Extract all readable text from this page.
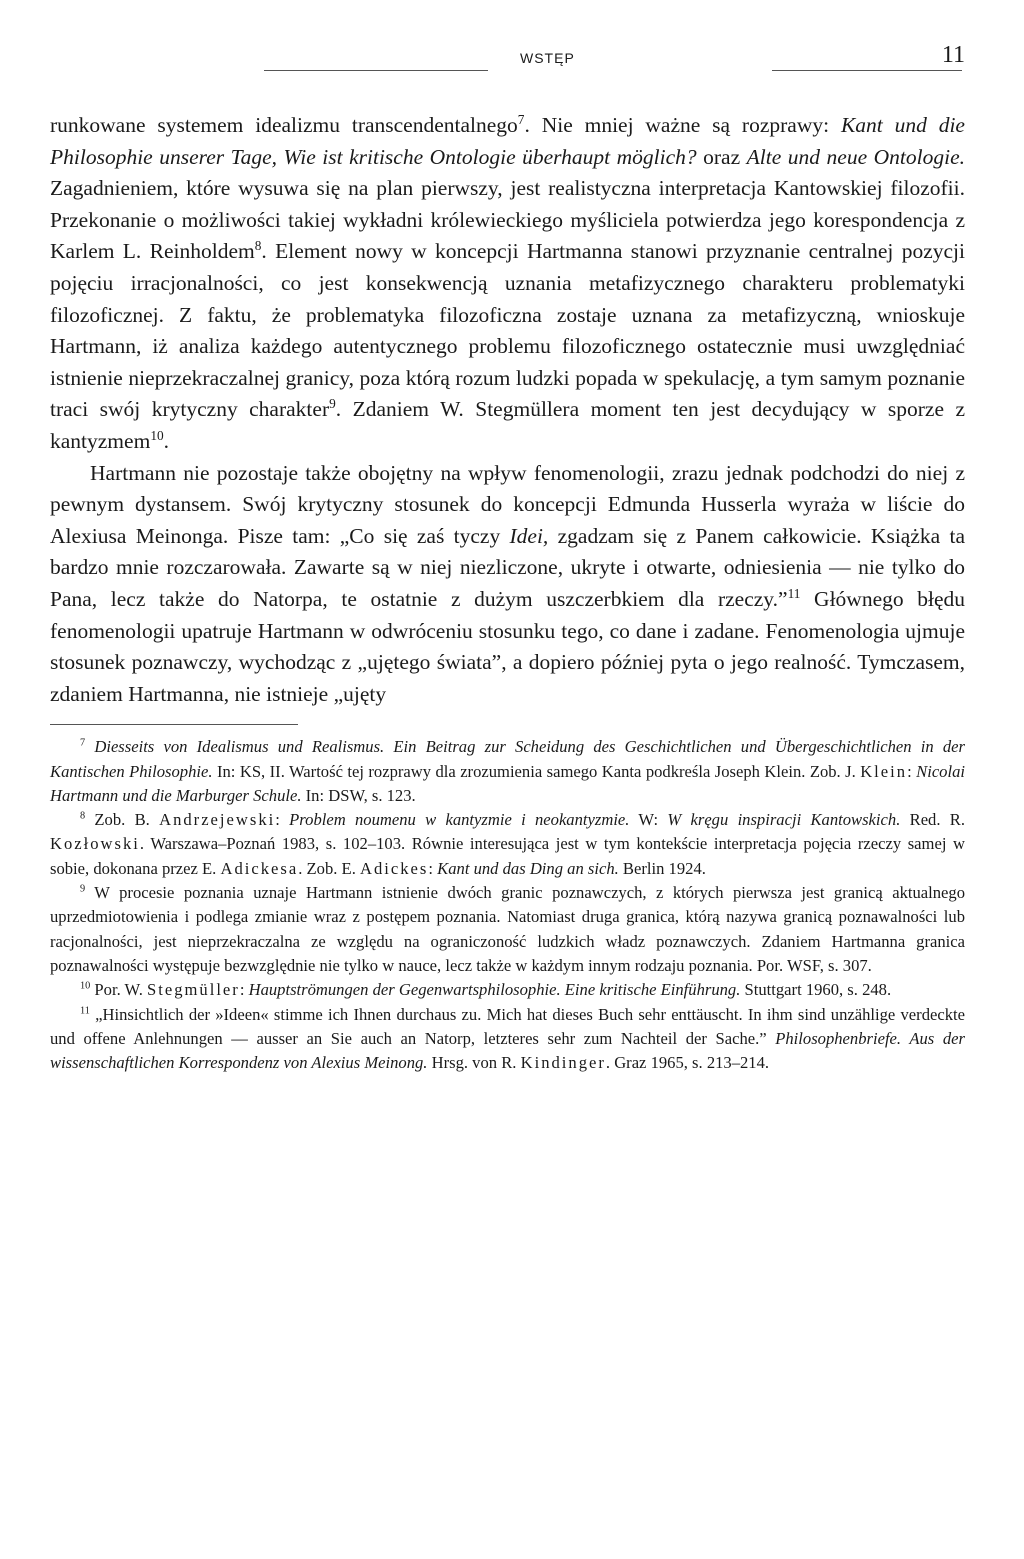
WSTĘP	11

runkowane systemem idealizmu transcendentalnego$^7$. Nie mniej ważne są rozprawy: Kant und die Philosophie unserer Tage, Wie ist kritische Ontologie überhaupt möglich? oraz Alte und neue Ontologie. Zagadnieniem, które wysuwa się na plan pierwszy, jest realistyczna interpretacja Kantowskiej filozofii. Przekonanie o możliwości takiej wykładni królewieckiego myśliciela potwierdza jego korespondencja z Karlem L. Reinholdem$^8$. Element nowy w koncepcji Hartmanna stanowi przyznanie centralnej pozycji pojęciu irracjonalności, co jest konsekwencją uznania metafizycznego charakteru problematyki filozoficznej. Z faktu, że problematyka filozoficzna zostaje uznana za metafizyczną, wnioskuje Hartmann, iż analiza każdego autentycznego problemu filozoficznego ostatecznie musi uwzględniać istnienie nieprzekraczalnej granicy, poza którą rozum ludzki popada w spekulację, a tym samym poznanie traci swój krytyczny charakter$^9$. Zdaniem W. Stegmüllera moment ten jest decydujący w sporze z kantyzmem$^{10}$.

Hartmann nie pozostaje także obojętny na wpływ fenomenologii, zrazu jednak podchodzi do niej z pewnym dystansem. Swój krytyczny stosunek do koncepcji Edmunda Husserla wyraża w liście do Alexiusa Meinonga. Pisze tam: „Co się zaś tyczy Idei, zgadzam się z Panem całkowicie. Książka ta bardzo mnie rozczarowała. Zawarte są w niej niezliczone, ukryte i otwarte, odniesienia — nie tylko do Pana, lecz także do Natorpa, te ostatnie z dużym uszczerbkiem dla rzeczy.”$^{11}$ Głównego błędu fenomenologii upatruje Hartmann w odwróceniu stosunku tego, co dane i zadane. Fenomenologia ujmuje stosunek poznawczy, wychodząc z „ujętego świata”, a dopiero później pyta o jego realność. Tymczasem, zdaniem Hartmanna, nie istnieje „ujęty

$^7$ Diesseits von Idealismus und Realismus. Ein Beitrag zur Scheidung des Geschichtlichen und Übergeschichtlichen in der Kantischen Philosophie. In: KS, II. Wartość tej rozprawy dla zrozumienia samego Kanta podkreśla Joseph Klein. Zob. J. Klein: Nicolai Hartmann und die Marburger Schule. In: DSW, s. 123.

$^8$ Zob. B. Andrzejewski: Problem noumenu w kantyzmie i neokantyzmie. W: W kręgu inspiracji Kantowskich. Red. R. Kozłowski. Warszawa–Poznań 1983, s. 102–103. Równie interesująca jest w tym kontekście interpretacja pojęcia rzeczy samej w sobie, dokonana przez E. Adickesa. Zob. E. Adickes: Kant und das Ding an sich. Berlin 1924.

$^9$ W procesie poznania uznaje Hartmann istnienie dwóch granic poznawczych, z których pierwsza jest granicą aktualnego uprzedmiotowienia i podlega zmianie wraz z postępem poznania. Natomiast druga granica, którą nazywa granicą poznawalności lub racjonalności, jest nieprzekraczalna ze względu na ograniczoność ludzkich władz poznawczych. Zdaniem Hartmanna granica poznawalności występuje bezwzględnie nie tylko w nauce, lecz także w każdym innym rodzaju poznania. Por. WSF, s. 307.

$^{10}$ Por. W. Stegmüller: Hauptströmungen der Gegenwartsphilosophie. Eine kritische Einführung. Stuttgart 1960, s. 248.

$^{11}$ „Hinsichtlich der »Ideen« stimme ich Ihnen durchaus zu. Mich hat dieses Buch sehr enttäuscht. In ihm sind unzählige verdeckte und offene Anlehnungen — ausser an Sie auch an Natorp, letzteres sehr zum Nachteil der Sache.” Philosophenbriefe. Aus der wissenschaftlichen Korrespondenz von Alexius Meinong. Hrsg. von R. Kindinger. Graz 1965, s. 213–214.
